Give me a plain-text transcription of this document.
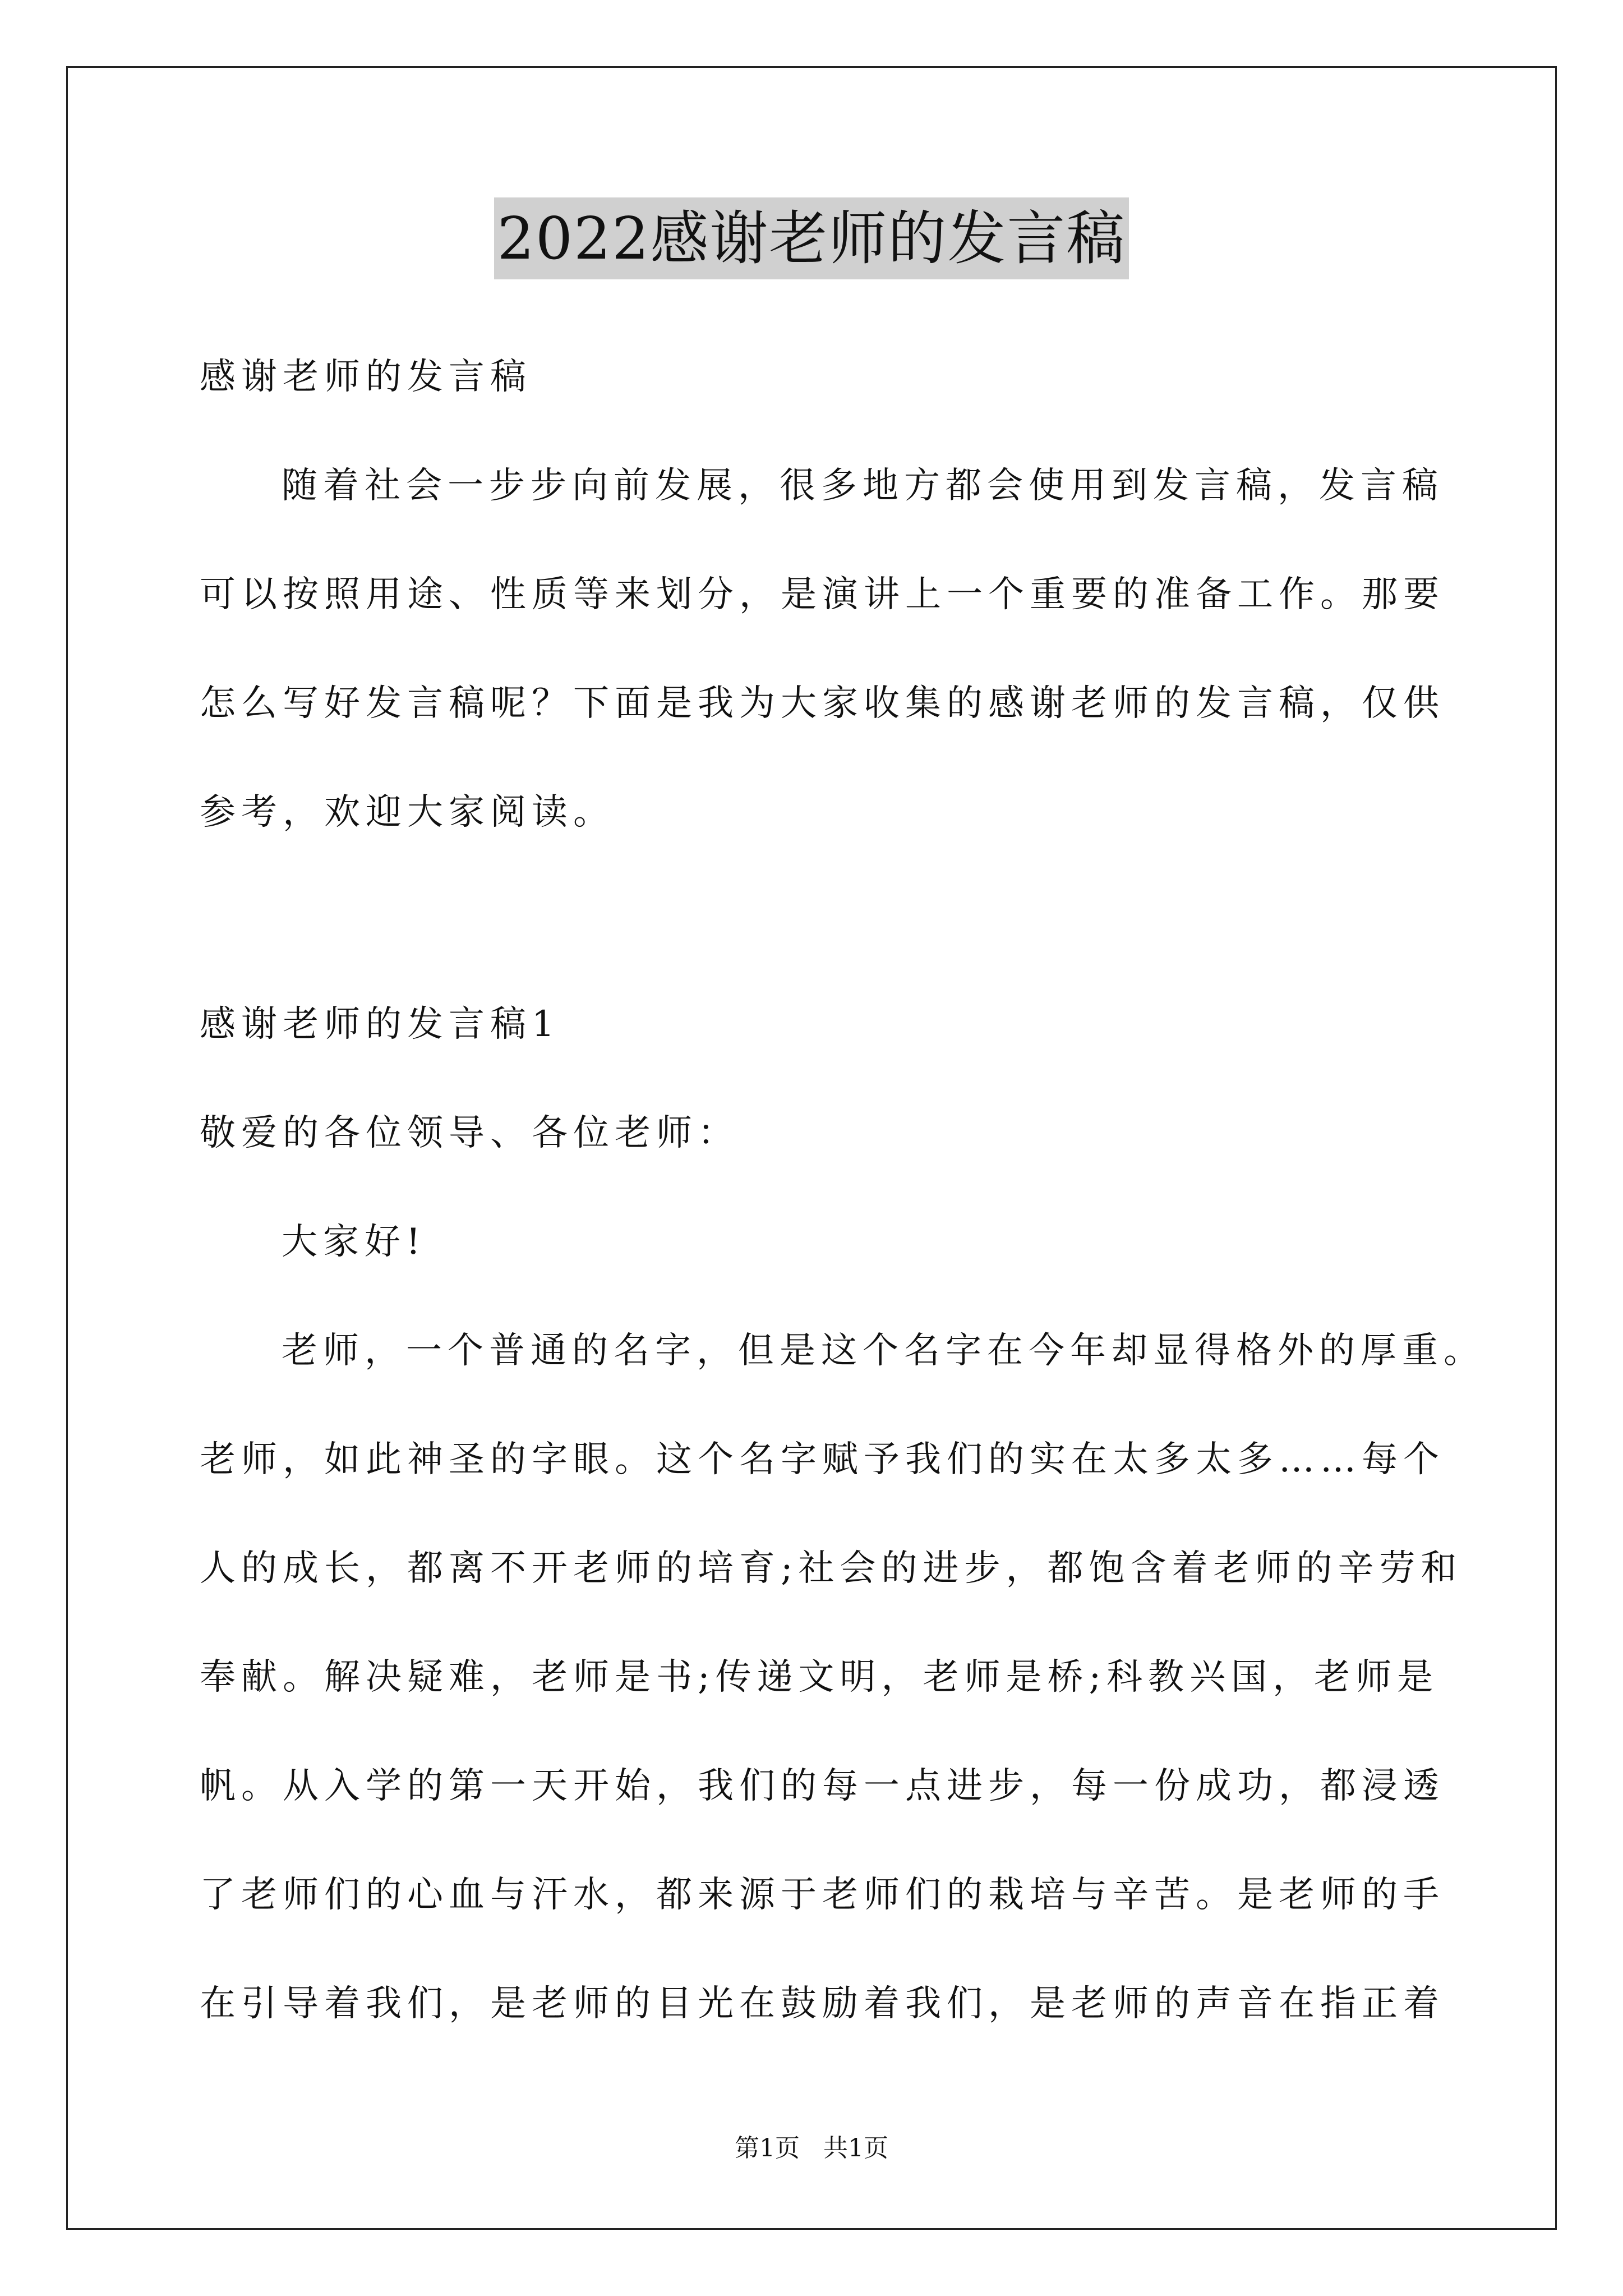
2022感谢老师的发言稿
感谢老师的发言稿
随着社会一步步向前发展，很多地方都会使用到发言稿，发言稿
可以按照用途、性质等来划分，是演讲上一个重要的准备工作。那要
怎么写好发言稿呢？下面是我为大家收集的感谢老师的发言稿，仅供
参考，欢迎大家阅读。
感谢老师的发言稿1
敬爱的各位领导、各位老师：
大家好!
老师，一个普通的名字，但是这个名字在今年却显得格外的厚重。
老师，如此神圣的字眼。这个名字赋予我们的实在太多太多……每个
人的成长，都离不开老师的培育;社会的进步，都饱含着老师的辛劳和
奉献。解决疑难，老师是书;传递文明，老师是桥;科教兴国，老师是
帆。从入学的第一天开始，我们的每一点进步，每一份成功，都浸透
了老师们的心血与汗水，都来源于老师们的栽培与辛苦。是老师的手
在引导着我们，是老师的目光在鼓励着我们，是老师的声音在指正着
第1页   共1页
